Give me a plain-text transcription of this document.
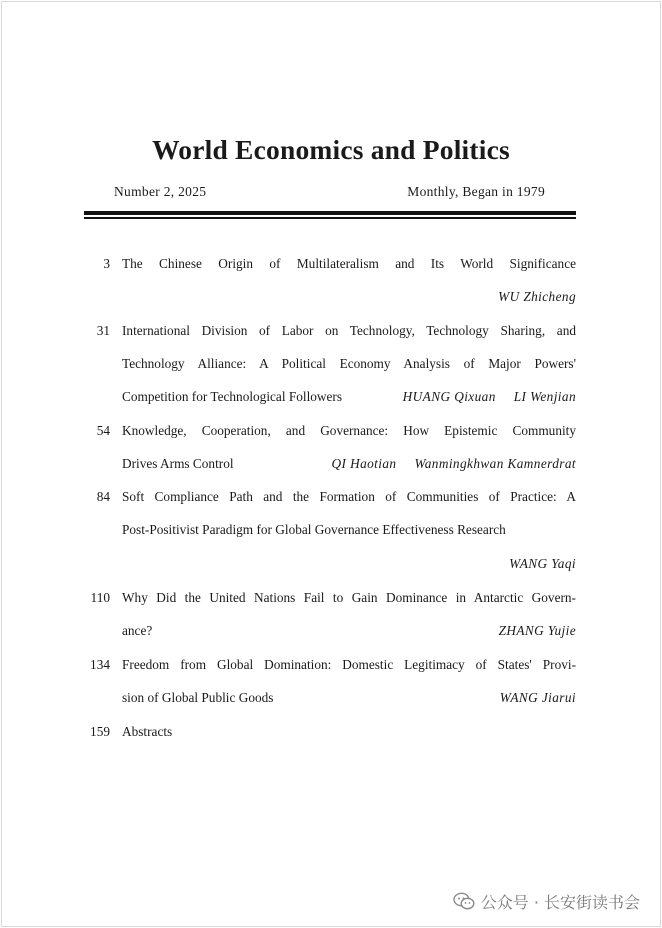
World Economics and Politics
Number 2, 2025	Monthly, Began in 1979
3 The Chinese Origin of Multilateralism and Its World Significance
WU Zhicheng
31 International Division of Labor on Technology, Technology Sharing, and
Technology Alliance: A Political Economy Analysis of Major Powers'
Competition for Technological Followers	HUANG Qixuan LI Wenjian
54 Knowledge, Cooperation, and Governance: How Epistemic Community
Drives Arms Control	QI Haotian Wanmingkhwan Kamnerdrat
84 Soft Compliance Path and the Formation of Communities of Practice: A
Post-Positivist Paradigm for Global Governance Effectiveness Research
WANG Yaqi
110 Why Did the United Nations Fail to Gain Dominance in Antarctic Govern-
ance?	ZHANG Yujie
134 Freedom from Global Domination: Domestic Legitimacy of States' Provi-
sion of Global Public Goods	WANG Jiarui
159 Abstracts
公众号 · 长安街读书会
